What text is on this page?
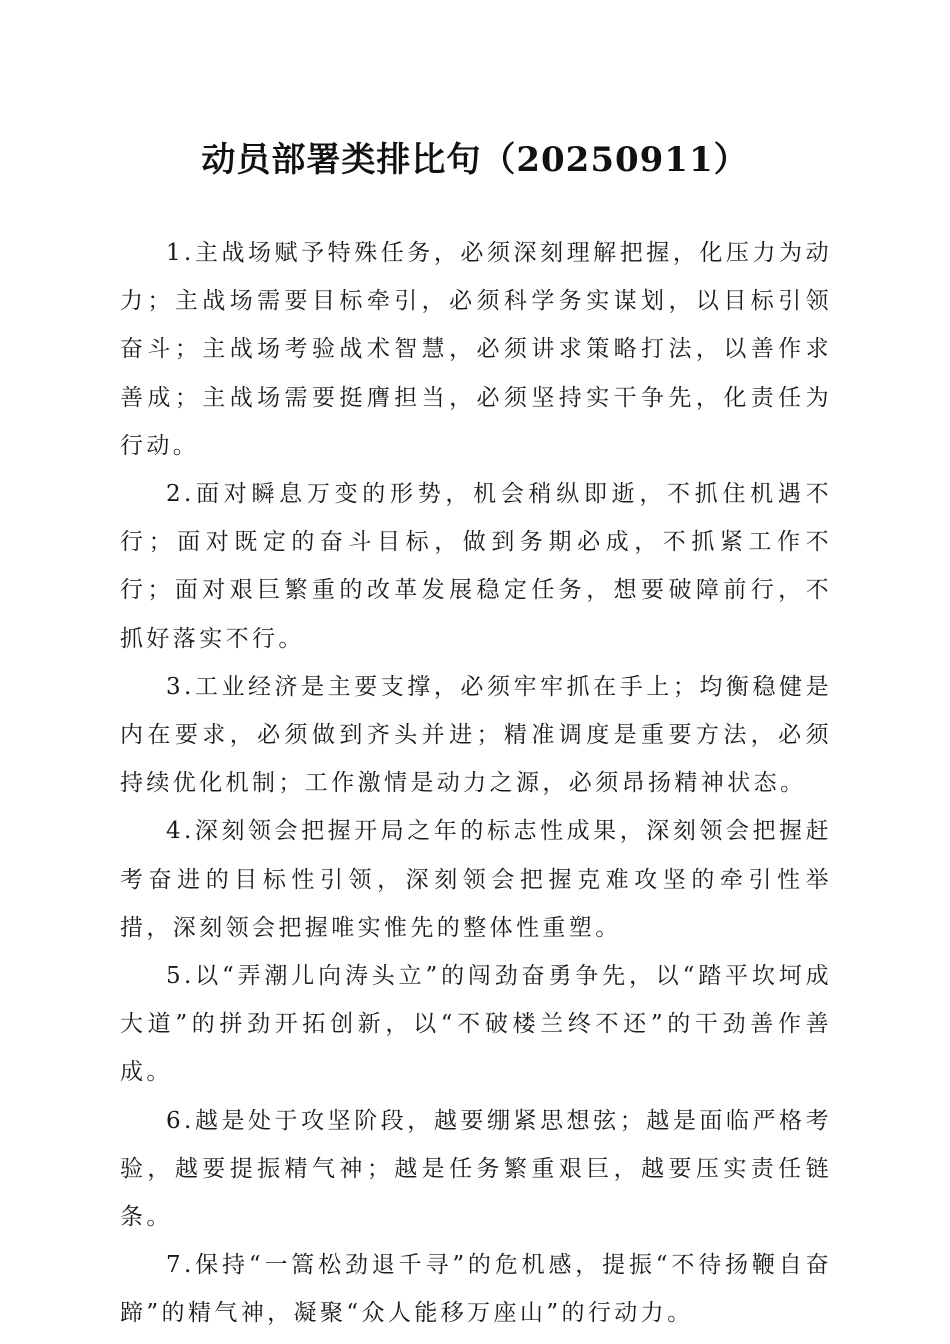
动员部署类排比句（20250911）

1.主战场赋予特殊任务，必须深刻理解把握，化压力为动力；主战场需要目标牵引，必须科学务实谋划，以目标引领奋斗；主战场考验战术智慧，必须讲求策略打法，以善作求善成；主战场需要挺膺担当，必须坚持实干争先，化责任为行动。

2.面对瞬息万变的形势，机会稍纵即逝，不抓住机遇不行；面对既定的奋斗目标，做到务期必成，不抓紧工作不行；面对艰巨繁重的改革发展稳定任务，想要破障前行，不抓好落实不行。

3.工业经济是主要支撑，必须牢牢抓在手上；均衡稳健是内在要求，必须做到齐头并进；精准调度是重要方法，必须持续优化机制；工作激情是动力之源，必须昂扬精神状态。

4.深刻领会把握开局之年的标志性成果，深刻领会把握赶考奋进的目标性引领，深刻领会把握克难攻坚的牵引性举措，深刻领会把握唯实惟先的整体性重塑。

5.以“弄潮儿向涛头立”的闯劲奋勇争先，以“踏平坎坷成大道”的拼劲开拓创新，以“不破楼兰终不还”的干劲善作善成。

6.越是处于攻坚阶段，越要绷紧思想弦；越是面临严格考验，越要提振精气神；越是任务繁重艰巨，越要压实责任链条。

7.保持“一篙松劲退千寻”的危机感，提振“不待扬鞭自奋蹄”的精气神，凝聚“众人能移万座山”的行动力。
